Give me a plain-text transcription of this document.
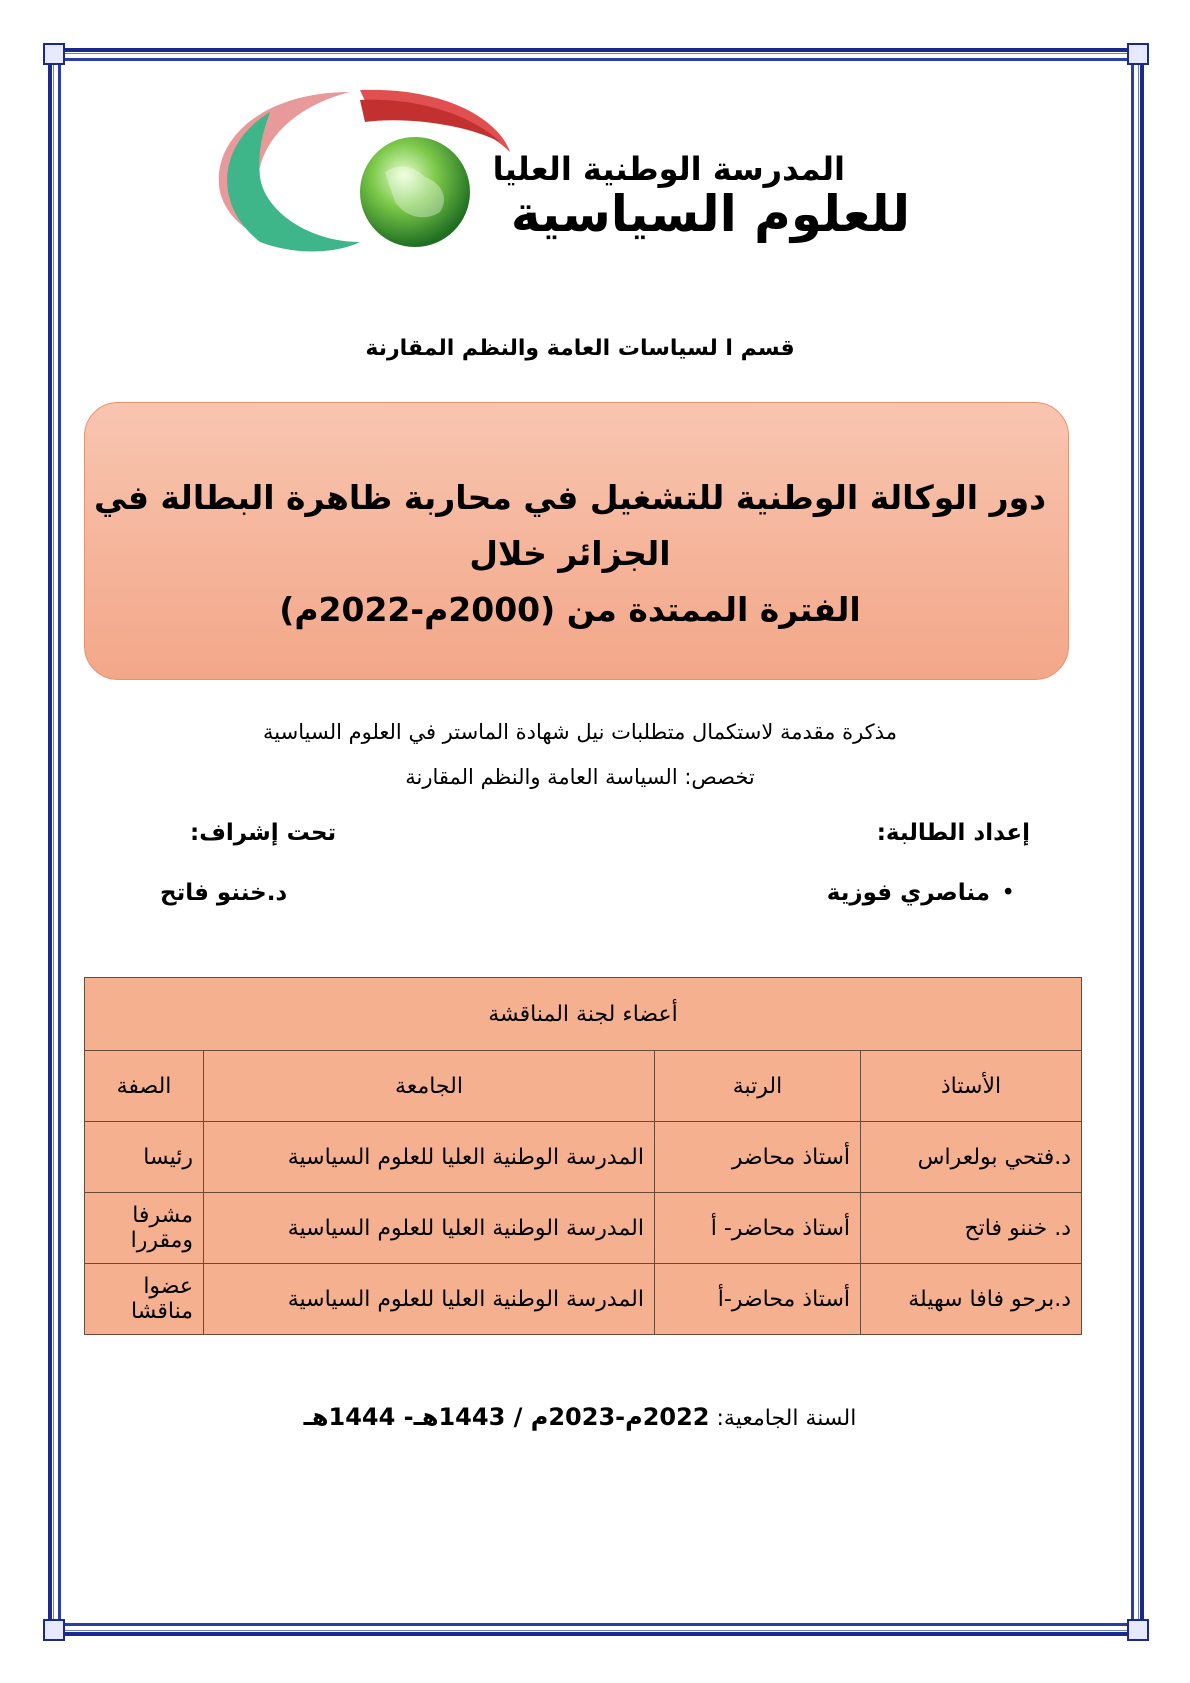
المدرسة الوطنية العليا
للعلوم السياسية
قسم ا لسياسات العامة والنظم المقارنة
دور الوكالة الوطنية للتشغيل في محاربة ظاهرة البطالة في الجزائر خلال
الفترة الممتدة من (2000م-2022م)
مذكرة مقدمة لاستكمال متطلبات نيل شهادة الماستر في العلوم السياسية
تخصص: السياسة العامة والنظم المقارنة
إعداد الطالبة:
تحت إشراف:
•
مناصري فوزية
د.خننو فاتح
أعضاء لجنة المناقشة			
الأستاذ	الرتبة	الجامعة	الصفة
د.فتحي بولعراس	أستاذ محاضر	المدرسة الوطنية العليا للعلوم السياسية	رئيسا
د. خننو فاتح	أستاذ محاضر- أ	المدرسة الوطنية العليا للعلوم السياسية	مشرفا ومقررا
د.برحو فافا سهيلة	أستاذ محاضر-أ	المدرسة الوطنية العليا للعلوم السياسية	عضوا مناقشا
السنة الجامعية: 2022م-2023م / 1443هـ- 1444هـ
